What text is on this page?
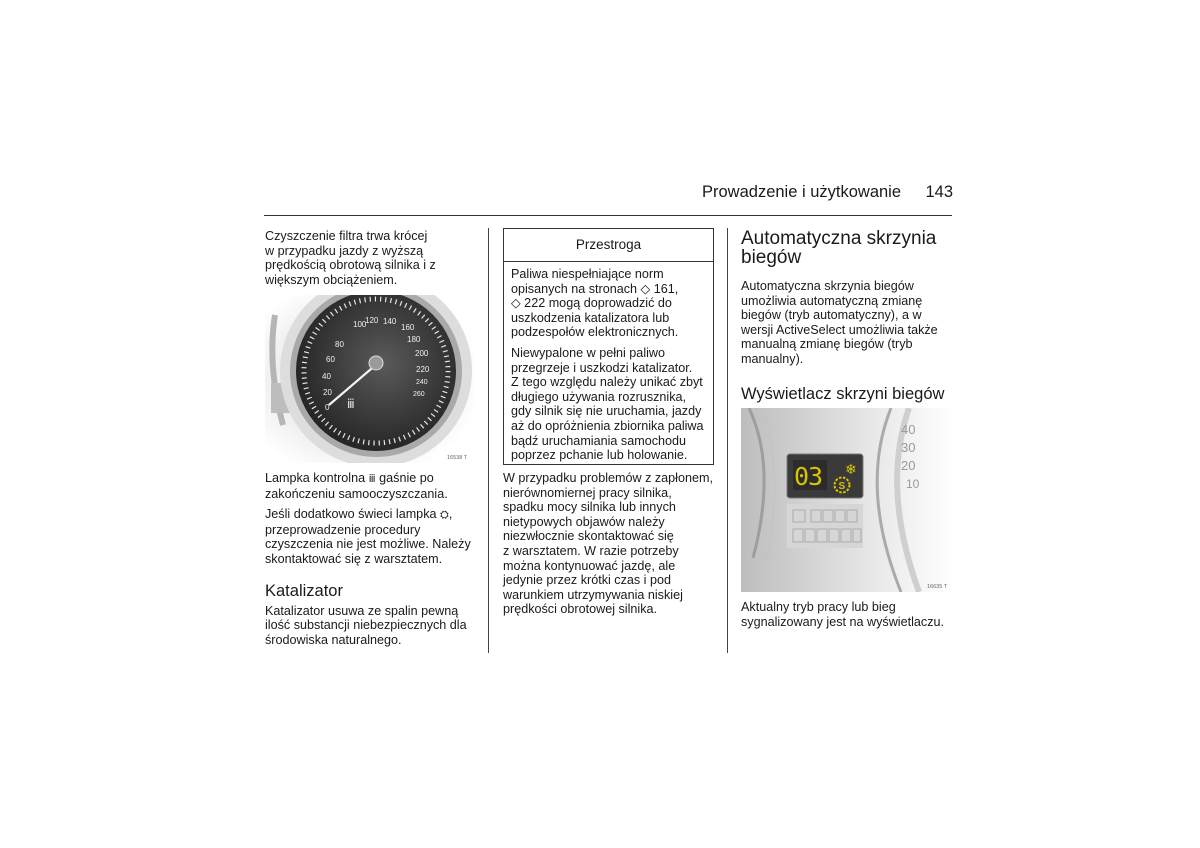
Prowadzenie i użytkowanie 143

Czyszczenie filtra trwa krócej
w przypadku jazdy z wyższą
prędkością obrotową silnika i z
większym obciążeniem.

0
20
40
60
80
100
120 140
160
180
200
220
240
260
ⅲ
16538 T

Lampka kontrolna ⅲ gaśnie po
zakończeniu samooczyszczania.

Jeśli dodatkowo świeci lampka ⛭,
przeprowadzenie procedury
czyszczenia nie jest możliwe. Należy
skontaktować się z warsztatem.

Katalizator

Katalizator usuwa ze spalin pewną
ilość substancji niebezpiecznych dla
środowiska naturalnego.

Przestroga

Paliwa niespełniające norm
opisanych na stronach ◇ 161,
◇ 222 mogą doprowadzić do
uszkodzenia katalizatora lub
podzespołów elektronicznych.

Niewypalone w pełni paliwo
przegrzeje i uszkodzi katalizator.
Z tego względu należy unikać zbyt
długiego używania rozrusznika,
gdy silnik się nie uruchamia, jazdy
aż do opróżnienia zbiornika paliwa
bądź uruchamiania samochodu
poprzez pchanie lub holowanie.

W przypadku problemów z zapłonem,
nierównomiernej pracy silnika,
spadku mocy silnika lub innych
nietypowych objawów należy
niezwłocznie skontaktować się
z warsztatem. W razie potrzeby
można kontynuować jazdę, ale
jedynie przez krótki czas i pod
warunkiem utrzymywania niskiej
prędkości obrotowej silnika.

Automatyczna skrzynia
biegów

Automatyczna skrzynia biegów
umożliwia automatyczną zmianę
biegów (tryb automatyczny), a w
wersji ActiveSelect umożliwia także
manualną zmianę biegów (tryb
manualny).

Wyświetlacz skrzyni biegów

40
30
20
10
03 ❄
S
16635 T

Aktualny tryb pracy lub bieg
sygnalizowany jest na wyświetlaczu.
